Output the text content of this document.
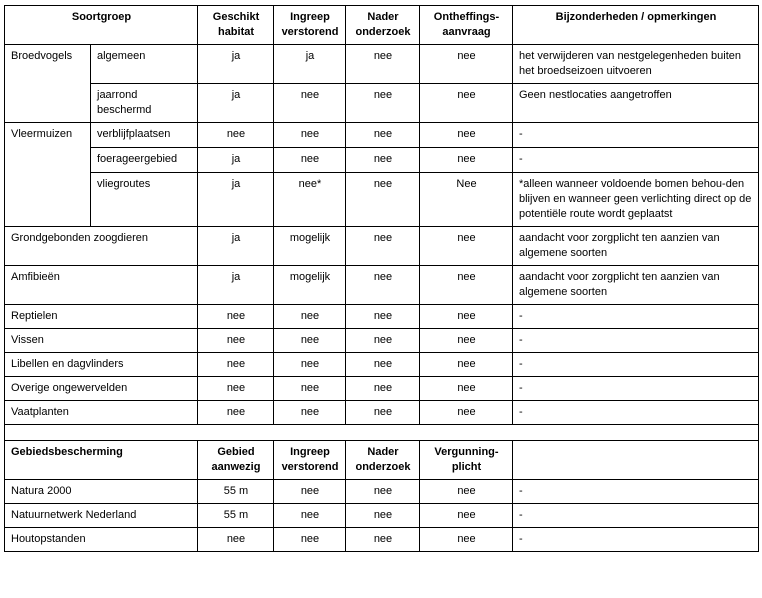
Soortgroep		Geschikt habitat	Ingreep verstorend	Nader onderzoek	Ontheffings-aanvraag	Bijzonderheden / opmerkingen
Broedvogels	algemeen	ja	ja	nee	nee	het verwijderen van nestgelegenheden buiten het broedseizoen uitvoeren
	jaarrond beschermd	ja	nee	nee	nee	Geen nestlocaties aangetroffen
Vleermuizen	verblijfplaatsen	nee	nee	nee	nee	-
	foerageergebied	ja	nee	nee	nee	-
	vliegroutes	ja	nee*	nee	Nee	*alleen wanneer voldoende bomen behou-den blijven en wanneer geen verlichting direct op de potentiële route wordt geplaatst
Grondgebonden zoogdieren		ja	mogelijk	nee	nee	aandacht voor zorgplicht ten aanzien van algemene soorten
Amfibieën		ja	mogelijk	nee	nee	aandacht voor zorgplicht ten aanzien van algemene soorten
Reptielen		nee	nee	nee	nee	-
Vissen		nee	nee	nee	nee	-
Libellen en dagvlinders		nee	nee	nee	nee	-
Overige ongewervelden		nee	nee	nee	nee	-
Vaatplanten		nee	nee	nee	nee	-

Gebiedsbescherming		Gebied aanwezig	Ingreep verstorend	Nader onderzoek	Vergunning-plicht	
Natura 2000		55 m	nee	nee	nee	-
Natuurnetwerk Nederland		55 m	nee	nee	nee	-
Houtopstanden		nee	nee	nee	nee	-
